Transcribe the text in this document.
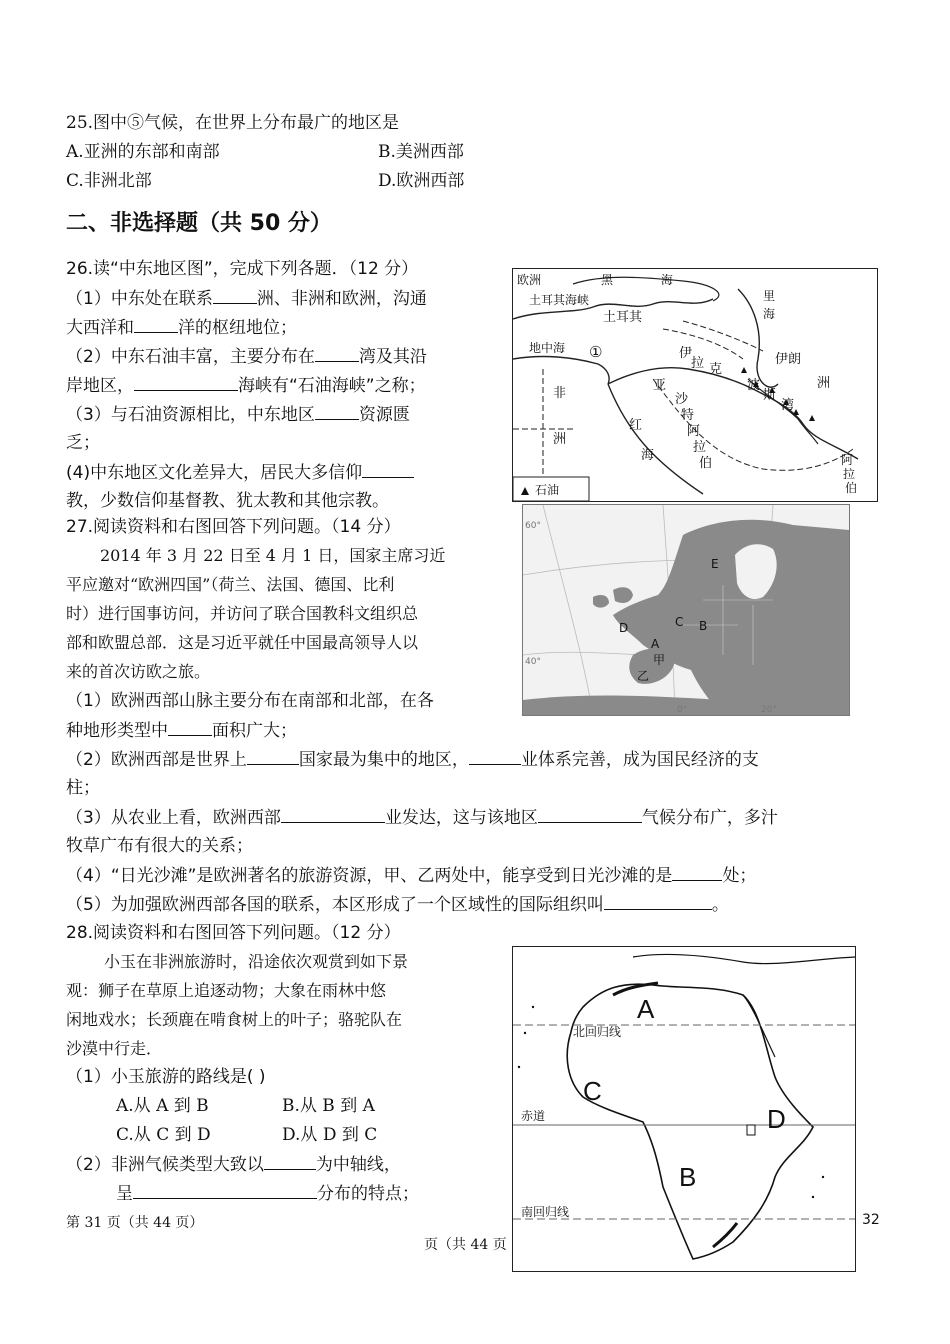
25.图中⑤气候，在世界上分布最广的地区是
A.亚洲的东部和南部	B.美洲西部
C.非洲北部	D.欧洲西部
二、非选择题（共 50 分）
26.读“中东地区图”，完成下列各题．（12 分）
（1）中东处在联系	洲、非洲和欧洲，沟通
大西洋和	洋的枢纽地位；
（2）中东石油丰富，主要分布在	湾及其沿
岸地区，	海峡有“石油海峡”之称；
（3）与石油资源相比，中东地区	资源匮
乏；
(4)中东地区文化差异大，居民大多信仰
教，少数信仰基督教、犹太教和其他宗教。
欧洲	黑	海
土耳其海峡
土耳其
里
海
地中海 ①	伊
拉 克
伊朗
非
洲
亚
沙
特
阿
拉
伯
红
海
波
斯
湾
洲
阿
拉
伯
石油
27.阅读资料和右图回答下列问题。（14 分）
2014 年 3 月 22 日至 4 月 1 日，国家主席习近
平应邀对“欧洲四国”（荷兰、法国、德国、比利
时）进行国事访问，并访问了联合国教科文组织总
部和欧盟总部．这是习近平就任中国最高领导人以
来的首次访欧之旅。
（1）欧洲西部山脉主要分布在南部和北部，在各
种地形类型中	面积广大；
（2）欧洲西部是世界上	国家最为集中的地区，	业体系完善，成为国民经济的支
柱；
（3）从农业上看，欧洲西部	业发达，这与该地区	气候分布广，多汁
牧草广布有很大的关系；
（4）“日光沙滩”是欧洲著名的旅游资源，甲、乙两处中，能享受到日光沙滩的是	处；
（5）为加强欧洲西部各国的联系，本区形成了一个区域性的国际组织叫	。
E
C B
A
D
甲
乙
60°
40°
20°
0°
28.阅读资料和右图回答下列问题。（12 分）
小玉在非洲旅游时，沿途依次观赏到如下景
观：狮子在草原上追逐动物；大象在雨林中悠
闲地戏水；长颈鹿在啃食树上的叶子；骆驼队在
沙漠中行走．
（1）小玉旅游的路线是( )
A.从 A 到 B	B.从 B 到 A
C.从 C 到 D	D.从 D 到 C
（2）非洲气候类型大致以	为中轴线，
呈	分布的特点；
A
B
C
D
北回归线
赤道
南回归线
第 31 页（共 44 页）
页（共 44 页
32
